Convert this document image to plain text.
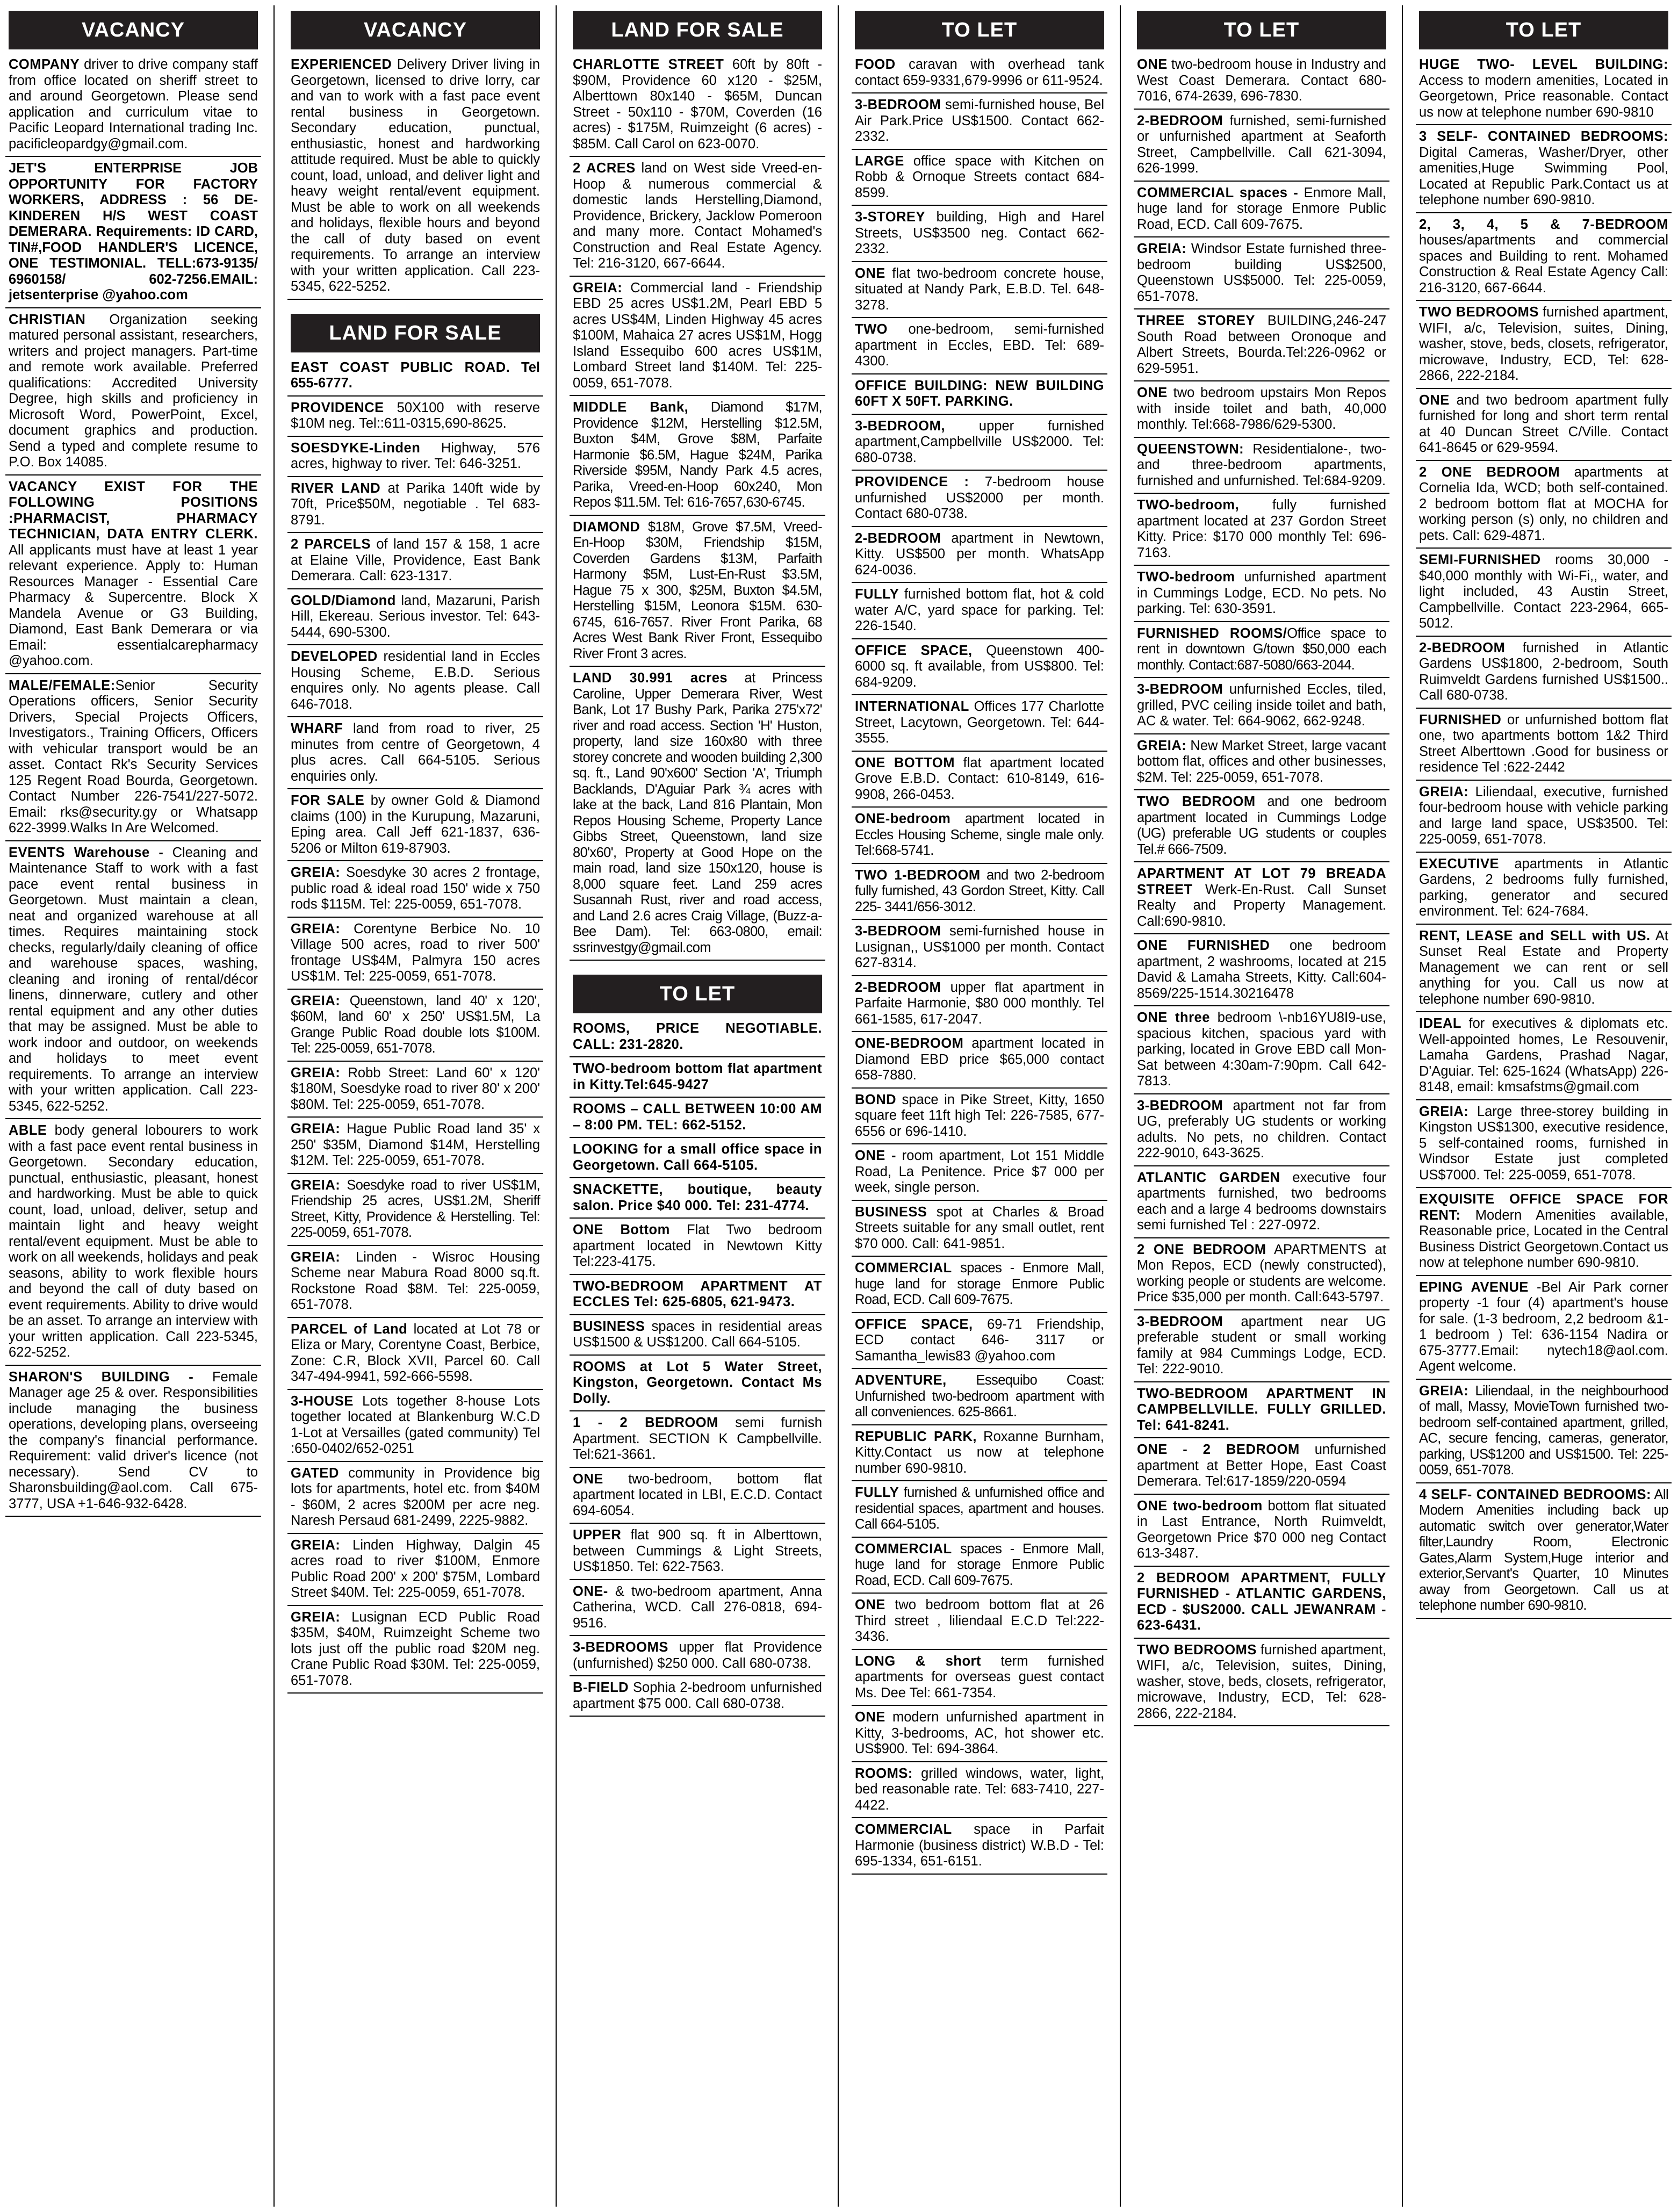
VACANCY
COMPANY driver to drive company staff from office located on sheriff street to and around Georgetown. Please send application and curriculum vitae to Pacific Leopard International trading Inc. pacificleopardgy@gmail.com.
JET'S ENTERPRISE JOB OPPORTUNITY FOR FACTORY WORKERS, ADDRESS : 56 DE-KINDEREN H/S WEST COAST DEMERARA. Requirements: ID CARD, TIN#,FOOD HANDLER'S LICENCE, ONE TESTIMONIAL. TELL:673-9135/ 6960158/ 602-7256.EMAIL: jetsenterprise @yahoo.com
CHRISTIAN Organization seeking matured personal assistant, researchers, writers and project managers. Part-time and remote work available. Preferred qualifications: Accredited University Degree, high skills and proficiency in Microsoft Word, PowerPoint, Excel, document graphics and production. Send a typed and complete resume to P.O. Box 14085.
VACANCY EXIST FOR THE FOLLOWING POSITIONS :PHARMACIST, PHARMACY TECHNICIAN, DATA ENTRY CLERK. All applicants must have at least 1 year relevant experience. Apply to: Human Resources Manager - Essential Care Pharmacy & Supercentre. Block X Mandela Avenue or G3 Building, Diamond, East Bank Demerara or via Email: essentialcarepharmacy @yahoo.com.
MALE/FEMALE:Senior Security Operations officers, Senior Security Drivers, Special Projects Officers, Investigators., Training Officers, Officers with vehicular transport would be an asset. Contact Rk's Security Services 125 Regent Road Bourda, Georgetown. Contact Number 226-7541/227-5072. Email: rks@security.gy or Whatsapp 622-3999.Walks In Are Welcomed.
EVENTS Warehouse - Cleaning and Maintenance Staff to work with a fast pace event rental business in Georgetown. Must maintain a clean, neat and organized warehouse at all times. Requires maintaining stock checks, regularly/daily cleaning of office and warehouse spaces, washing, cleaning and ironing of rental/décor linens, dinnerware, cutlery and other rental equipment and any other duties that may be assigned. Must be able to work indoor and outdoor, on weekends and holidays to meet event requirements. To arrange an interview with your written application. Call 223-5345, 622-5252.
ABLE body general lobourers to work with a fast pace event rental business in Georgetown. Secondary education, punctual, enthusiastic, pleasant, honest and hardworking. Must be able to quick count, load, unload, deliver, setup and maintain light and heavy weight rental/event equipment. Must be able to work on all weekends, holidays and peak seasons, ability to work flexible hours and beyond the call of duty based on event requirements. Ability to drive would be an asset. To arrange an interview with your written application. Call 223-5345, 622-5252.
SHARON'S BUILDING - Female Manager age 25 & over. Responsibilities include managing the business operations, developing plans, overseeing the company's financial performance. Requirement: valid driver's licence (not necessary). Send CV to Sharonsbuilding@aol.com. Call 675-3777, USA +1-646-932-6428.
VACANCY
EXPERIENCED Delivery Driver living in Georgetown, licensed to drive lorry, car and van to work with a fast pace event rental business in Georgetown. Secondary education, punctual, enthusiastic, honest and hardworking attitude required. Must be able to quickly count, load, unload, and deliver light and heavy weight rental/event equipment. Must be able to work on all weekends and holidays, flexible hours and beyond the call of duty based on event requirements. To arrange an interview with your written application. Call 223-5345, 622-5252.
LAND FOR SALE
EAST COAST PUBLIC ROAD. Tel 655-6777.
PROVIDENCE 50X100 with reserve $10M neg. Tel::611-0315,690-8625.
SOESDYKE-Linden Highway, 576 acres, highway to river. Tel: 646-3251.
RIVER LAND at Parika 140ft wide by 70ft, Price$50M, negotiable . Tel 683-8791.
2 PARCELS of land 157 & 158, 1 acre at Elaine Ville, Providence, East Bank Demerara. Call: 623-1317.
GOLD/Diamond land, Mazaruni, Parish Hill, Ekereau. Serious investor. Tel: 643-5444, 690-5300.
DEVELOPED residential land in Eccles Housing Scheme, E.B.D. Serious enquires only. No agents please. Call 646-7018.
WHARF land from road to river, 25 minutes from centre of Georgetown, 4 plus acres. Call 664-5105. Serious enquiries only.
FOR SALE by owner Gold & Diamond claims (100) in the Kurupung, Mazaruni, Eping area. Call Jeff 621-1837, 636-5206 or Milton 619-87903.
GREIA: Soesdyke 30 acres 2 frontage, public road & ideal road 150' wide x 750 rods $115M. Tel: 225-0059, 651-7078.
GREIA: Corentyne Berbice No. 10 Village 500 acres, road to river 500' frontage US$4M, Palmyra 150 acres US$1M. Tel: 225-0059, 651-7078.
GREIA: Queenstown, land 40' x 120', $60M, land 60' x 250' US$1.5M, La Grange Public Road double lots $100M. Tel: 225-0059, 651-7078.
GREIA: Robb Street: Land 60' x 120' $180M, Soesdyke road to river 80' x 200' $80M. Tel: 225-0059, 651-7078.
GREIA: Hague Public Road land 35' x 250' $35M, Diamond $14M, Herstelling $12M. Tel: 225-0059, 651-7078.
GREIA: Soesdyke road to river US$1M, Friendship 25 acres, US$1.2M, Sheriff Street, Kitty, Providence & Herstelling. Tel: 225-0059, 651-7078.
GREIA: Linden - Wisroc Housing Scheme near Mabura Road 8000 sq.ft. Rockstone Road $8M. Tel: 225-0059, 651-7078.
PARCEL of Land located at Lot 78 or Eliza or Mary, Corentyne Coast, Berbice, Zone: C.R, Block XVII, Parcel 60. Call 347-494-9941, 592-666-5598.
3-HOUSE Lots together 8-house Lots together located at Blankenburg W.C.D 1-Lot at Versailles (gated community) Tel :650-0402/652-0251
GATED community in Providence big lots for apartments, hotel etc. from $40M - $60M, 2 acres $200M per acre neg. Naresh Persaud 681-2499, 2225-9882.
GREIA: Linden Highway, Dalgin 45 acres road to river $100M, Enmore Public Road 200' x 200' $75M, Lombard Street $40M. Tel: 225-0059, 651-7078.
GREIA: Lusignan ECD Public Road $35M, $40M, Ruimzeight Scheme two lots just off the public road $20M neg. Crane Public Road $30M. Tel: 225-0059, 651-7078.
LAND FOR SALE
CHARLOTTE STREET 60ft by 80ft - $90M, Providence 60 x120 - $25M, Alberttown 80x140 - $65M, Duncan Street - 50x110 - $70M, Coverden (16 acres) - $175M, Ruimzeight (6 acres) - $85M. Call Carol on 623-0070.
2 ACRES land on West side Vreed-en-Hoop & numerous commercial & domestic lands Herstelling,Diamond, Providence, Brickery, Jacklow Pomeroon and many more. Contact Mohamed's Construction and Real Estate Agency. Tel: 216-3120, 667-6644.
GREIA: Commercial land - Friendship EBD 25 acres US$1.2M, Pearl EBD 5 acres US$4M, Linden Highway 45 acres $100M, Mahaica 27 acres US$1M, Hogg Island Essequibo 600 acres US$1M, Lombard Street land $140M. Tel: 225-0059, 651-7078.
MIDDLE Bank, Diamond $17M, Providence $12M, Herstelling $12.5M, Buxton $4M, Grove $8M, Parfaite Harmonie $6.5M, Hague $24M, Parika Riverside $95M, Nandy Park 4.5 acres, Parika, Vreed-en-Hoop 60x240, Mon Repos $11.5M. Tel: 616-7657,630-6745.
DIAMOND $18M, Grove $7.5M, Vreed-En-Hoop $30M, Friendship $15M, Coverden Gardens $13M, Parfaith Harmony $5M, Lust-En-Rust $3.5M, Hague 75 x 300, $25M, Buxton $4.5M, Herstelling $15M, Leonora $15M. 630-6745, 616-7657. River Front Parika, 68 Acres West Bank River Front, Essequibo River Front 3 acres.
LAND 30.991 acres at Princess Caroline, Upper Demerara River, West Bank, Lot 17 Bushy Park, Parika 275'x72' river and road access. Section 'H' Huston, property, land size 160x80 with three storey concrete and wooden building 2,300 sq. ft., Land 90'x600' Section 'A', Triumph Backlands, D'Aguiar Park ¾ acres with lake at the back, Land 816 Plantain, Mon Repos Housing Scheme, Property Lance Gibbs Street, Queenstown, land size 80'x60', Property at Good Hope on the main road, land size 150x120, house is 8,000 square feet. Land 259 acres Susannah Rust, river and road access, and Land 2.6 acres Craig Village, (Buzz-a-Bee Dam). Tel: 663-0800, email: ssrinvestgy@gmail.com
TO LET
ROOMS, PRICE NEGOTIABLE. CALL: 231-2820.
TWO-bedroom bottom flat apartment in Kitty.Tel:645-9427
ROOMS – CALL BETWEEN 10:00 AM – 8:00 PM. TEL: 662-5152.
LOOKING for a small office space in Georgetown. Call 664-5105.
SNACKETTE, boutique, beauty salon. Price $40 000. Tel: 231-4774.
ONE Bottom Flat Two bedroom apartment located in Newtown Kitty Tel:223-4175.
TWO-BEDROOM APARTMENT AT ECCLES Tel: 625-6805, 621-9473.
BUSINESS spaces in residential areas US$1500 & US$1200. Call 664-5105.
ROOMS at Lot 5 Water Street, Kingston, Georgetown. Contact Ms Dolly.
1 - 2 BEDROOM semi furnish Apartment. SECTION K Campbellville. Tel:621-3661.
ONE two-bedroom, bottom flat apartment located in LBI, E.C.D. Contact 694-6054.
UPPER flat 900 sq. ft in Alberttown, between Cummings & Light Streets, US$1850. Tel: 622-7563.
ONE- & two-bedroom apartment, Anna Catherina, WCD. Call 276-0818, 694-9516.
3-BEDROOMS upper flat Providence (unfurnished) $250 000. Call 680-0738.
B-FIELD Sophia 2-bedroom unfurnished apartment $75 000. Call 680-0738.
TO LET
FOOD caravan with overhead tank contact 659-9331,679-9996 or 611-9524.
3-BEDROOM semi-furnished house, Bel Air Park.Price US$1500. Contact 662-2332.
LARGE office space with Kitchen on Robb & Ornoque Streets contact 684-8599.
3-STOREY building, High and Harel Streets, US$3500 neg. Contact 662-2332.
ONE flat two-bedroom concrete house, situated at Nandy Park, E.B.D. Tel. 648-3278.
TWO one-bedroom, semi-furnished apartment in Eccles, EBD. Tel: 689-4300.
OFFICE BUILDING: NEW BUILDING 60FT X 50FT. PARKING.
3-BEDROOM, upper furnished apartment,Campbellville US$2000. Tel: 680-0738.
PROVIDENCE : 7-bedroom house unfurnished US$2000 per month. Contact 680-0738.
2-BEDROOM apartment in Newtown, Kitty. US$500 per month. WhatsApp 624-0036.
FULLY furnished bottom flat, hot & cold water A/C, yard space for parking. Tel: 226-1540.
OFFICE SPACE, Queenstown 400-6000 sq. ft available, from US$800. Tel: 684-9209.
INTERNATIONAL Offices 177 Charlotte Street, Lacytown, Georgetown. Tel: 644-3555.
ONE BOTTOM flat apartment located Grove E.B.D. Contact: 610-8149, 616-9908, 266-0453.
ONE-bedroom apartment located in Eccles Housing Scheme, single male only. Tel:668-5741.
TWO 1-BEDROOM and two 2-bedroom fully furnished, 43 Gordon Street, Kitty. Call 225- 3441/656-3012.
3-BEDROOM semi-furnished house in Lusignan,, US$1000 per month. Contact 627-8314.
2-BEDROOM upper flat apartment in Parfaite Harmonie, $80 000 monthly. Tel 661-1585, 617-2047.
ONE-BEDROOM apartment located in Diamond EBD price $65,000 contact 658-7880.
BOND space in Pike Street, Kitty, 1650 square feet 11ft high Tel: 226-7585, 677-6556 or 696-1410.
ONE - room apartment, Lot 151 Middle Road, La Penitence. Price $7 000 per week, single person.
BUSINESS spot at Charles & Broad Streets suitable for any small outlet, rent $70 000. Call: 641-9851.
COMMERCIAL spaces - Enmore Mall, huge land for storage Enmore Public Road, ECD. Call 609-7675.
OFFICE SPACE, 69-71 Friendship, ECD contact 646- 3117 or Samantha_lewis83 @yahoo.com
ADVENTURE, Essequibo Coast: Unfurnished two-bedroom apartment with all conveniences. 625-8661.
REPUBLIC PARK, Roxanne Burnham, Kitty.Contact us now at telephone number 690-9810.
FULLY furnished & unfurnished office and residential spaces, apartment and houses. Call 664-5105.
COMMERCIAL spaces - Enmore Mall, huge land for storage Enmore Public Road, ECD. Call 609-7675.
ONE two bedroom bottom flat at 26 Third street , liliendaal E.C.D Tel:222-3436.
LONG & short term furnished apartments for overseas guest contact Ms. Dee Tel: 661-7354.
ONE modern unfurnished apartment in Kitty, 3-bedrooms, AC, hot shower etc. US$900. Tel: 694-3864.
ROOMS: grilled windows, water, light, bed reasonable rate. Tel: 683-7410, 227-4422.
COMMERCIAL space in Parfait Harmonie (business district) W.B.D - Tel: 695-1334, 651-6151.
TO LET
ONE two-bedroom house in Industry and West Coast Demerara. Contact 680-7016, 674-2639, 696-7830.
2-BEDROOM furnished, semi-furnished or unfurnished apartment at Seaforth Street, Campbellville. Call 621-3094, 626-1999.
COMMERCIAL spaces - Enmore Mall, huge land for storage Enmore Public Road, ECD. Call 609-7675.
GREIA: Windsor Estate furnished three-bedroom building US$2500, Queenstown US$5000. Tel: 225-0059, 651-7078.
THREE STOREY BUILDING,246-247 South Road between Oronoque and Albert Streets, Bourda.Tel:226-0962 or 629-5951.
ONE two bedroom upstairs Mon Repos with inside toilet and bath, 40,000 monthly. Tel:668-7986/629-5300.
QUEENSTOWN: Residentialone-, two- and three-bedroom apartments, furnished and unfurnished. Tel:684-9209.
TWO-bedroom, fully furnished apartment located at 237 Gordon Street Kitty. Price: $170 000 monthly Tel: 696-7163.
TWO-bedroom unfurnished apartment in Cummings Lodge, ECD. No pets. No parking. Tel: 630-3591.
FURNISHED ROOMS/Office space to rent in downtown G/town $50,000 each monthly. Contact:687-5080/663-2044.
3-BEDROOM unfurnished Eccles, tiled, grilled, PVC ceiling inside toilet and bath, AC & water. Tel: 664-9062, 662-9248.
GREIA: New Market Street, large vacant bottom flat, offices and other businesses, $2M. Tel: 225-0059, 651-7078.
TWO BEDROOM and one bedroom apartment located in Cummings Lodge (UG) preferable UG students or couples Tel.# 666-7509.
APARTMENT AT LOT 79 BREADA STREET Werk-En-Rust. Call Sunset Realty and Property Management. Call:690-9810.
ONE FURNISHED one bedroom apartment, 2 washrooms, located at 215 David & Lamaha Streets, Kitty. Call:604-8569/225-1514.30216478
ONE three bedroom \-nb16YU8I9-use, spacious kitchen, spacious yard with parking, located in Grove EBD call Mon-Sat between 4:30am-7:90pm. Call 642-7813.
3-BEDROOM apartment not far from UG, preferably UG students or working adults. No pets, no children. Contact 222-9010, 643-3625.
ATLANTIC GARDEN executive four apartments furnished, two bedrooms each and a large 4 bedrooms downstairs semi furnished Tel : 227-0972.
2 ONE BEDROOM APARTMENTS at Mon Repos, ECD (newly constructed), working people or students are welcome. Price $35,000 per month. Call:643-5797.
3-BEDROOM apartment near UG preferable student or small working family at 984 Cummings Lodge, ECD. Tel: 222-9010.
TWO-BEDROOM APARTMENT IN CAMPBELLVILLE. FULLY GRILLED. Tel: 641-8241.
ONE - 2 BEDROOM unfurnished apartment at Better Hope, East Coast Demerara. Tel:617-1859/220-0594
ONE two-bedroom bottom flat situated in Last Entrance, North Ruimveldt, Georgetown Price $70 000 neg Contact 613-3487.
2 BEDROOM APARTMENT, FULLY FURNISHED - ATLANTIC GARDENS, ECD - $US2000. CALL JEWANRAM - 623-6431.
TWO BEDROOMS furnished apartment, WIFI, a/c, Television, suites, Dining, washer, stove, beds, closets, refrigerator, microwave, Industry, ECD, Tel: 628-2866, 222-2184.
TO LET
HUGE TWO- LEVEL BUILDING: Access to modern amenities, Located in Georgetown, Price reasonable. Contact us now at telephone number 690-9810
3 SELF- CONTAINED BEDROOMS: Digital Cameras, Washer/Dryer, other amenities,Huge Swimming Pool, Located at Republic Park.Contact us at telephone number 690-9810.
2, 3, 4, 5 & 7-BEDROOM houses/apartments and commercial spaces and Building to rent. Mohamed Construction & Real Estate Agency Call: 216-3120, 667-6644.
TWO BEDROOMS furnished apartment, WIFI, a/c, Television, suites, Dining, washer, stove, beds, closets, refrigerator, microwave, Industry, ECD, Tel: 628-2866, 222-2184.
ONE and two bedroom apartment fully furnished for long and short term rental at 40 Duncan Street C/Ville. Contact 641-8645 or 629-9594.
2 ONE BEDROOM apartments at Cornelia Ida, WCD; both self-contained. 2 bedroom bottom flat at MOCHA for working person (s) only, no children and pets. Call: 629-4871.
SEMI-FURNISHED rooms 30,000 - $40,000 monthly with Wi-Fi,, water, and light included, 43 Austin Street, Campbellville. Contact 223-2964, 665-5012.
2-BEDROOM furnished in Atlantic Gardens US$1800, 2-bedroom, South Ruimveldt Gardens furnished US$1500.. Call 680-0738.
FURNISHED or unfurnished bottom flat one, two apartments bottom 1&2 Third Street Alberttown .Good for business or residence Tel :622-2442
GREIA: Liliendaal, executive, furnished four-bedroom house with vehicle parking and large land space, US$3500. Tel: 225-0059, 651-7078.
EXECUTIVE apartments in Atlantic Gardens, 2 bedrooms fully furnished, parking, generator and secured environment. Tel: 624-7684.
RENT, LEASE and SELL with US. At Sunset Real Estate and Property Management we can rent or sell anything for you. Call us now at telephone number 690-9810.
IDEAL for executives & diplomats etc. Well-appointed homes, Le Resouvenir, Lamaha Gardens, Prashad Nagar, D'Aguiar. Tel: 625-1624 (WhatsApp) 226-8148, email: kmsafstms@gmail.com
GREIA: Large three-storey building in Kingston US$1300, executive residence, 5 self-contained rooms, furnished in Windsor Estate just completed US$7000. Tel: 225-0059, 651-7078.
EXQUISITE OFFICE SPACE FOR RENT: Modern Amenities available, Reasonable price, Located in the Central Business District Georgetown.Contact us now at telephone number 690-9810.
EPING AVENUE -Bel Air Park corner property -1 four (4) apartment's house for sale. (1-3 bedroom, 2,2 bedroom &1-1 bedroom ) Tel: 636-1154 Nadira or 675-3777.Email: nytech18@aol.com. Agent welcome.
GREIA: Liliendaal, in the neighbourhood of mall, Massy, MovieTown furnished two-bedroom self-contained apartment, grilled, AC, secure fencing, cameras, generator, parking, US$1200 and US$1500. Tel: 225-0059, 651-7078.
4 SELF- CONTAINED BEDROOMS: All Modern Amenities including back up automatic switch over generator,Water filter,Laundry Room, Electronic Gates,Alarm System,Huge interior and exterior,Servant's Quarter, 10 Minutes away from Georgetown. Call us at telephone number 690-9810.
